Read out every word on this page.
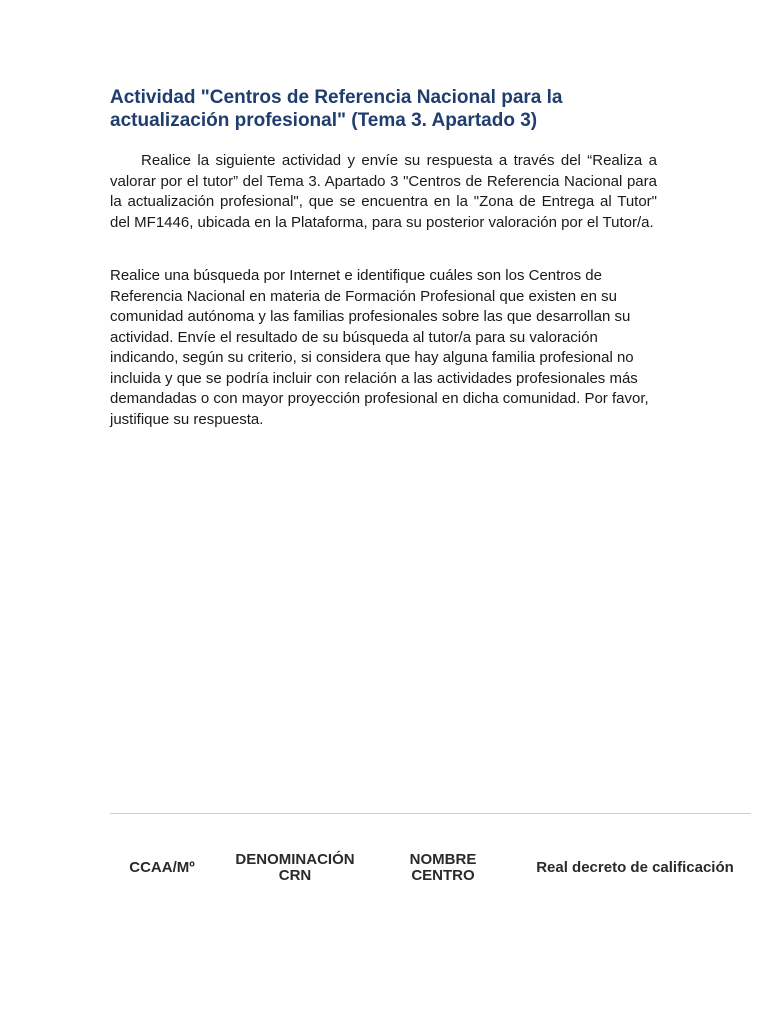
Actividad "Centros de Referencia Nacional para la actualización profesional" (Tema 3. Apartado 3)

Realice la siguiente actividad y envíe su respuesta a través del “Realiza a valorar por el tutor” del Tema 3. Apartado 3 "Centros de Referencia Nacional para la actualización profesional", que se encuentra en la "Zona de Entrega al Tutor" del MF1446, ubicada en la Plataforma, para su posterior valoración por el Tutor/a.

Realice una búsqueda por Internet e identifique cuáles son los Centros de Referencia Nacional en materia de Formación Profesional que existen en su comunidad autónoma y las familias profesionales sobre las que desarrollan su actividad. Envíe el resultado de su búsqueda al tutor/a para su valoración indicando, según su criterio, si considera que hay alguna familia profesional no incluida y que se podría incluir con relación a las actividades profesionales más demandadas o con mayor proyección profesional en dicha comunidad. Por favor, justifique su respuesta.

CCAA/Mº	DENOMINACIÓN CRN
NOMBRE CENTRO	Real decreto de calificación
